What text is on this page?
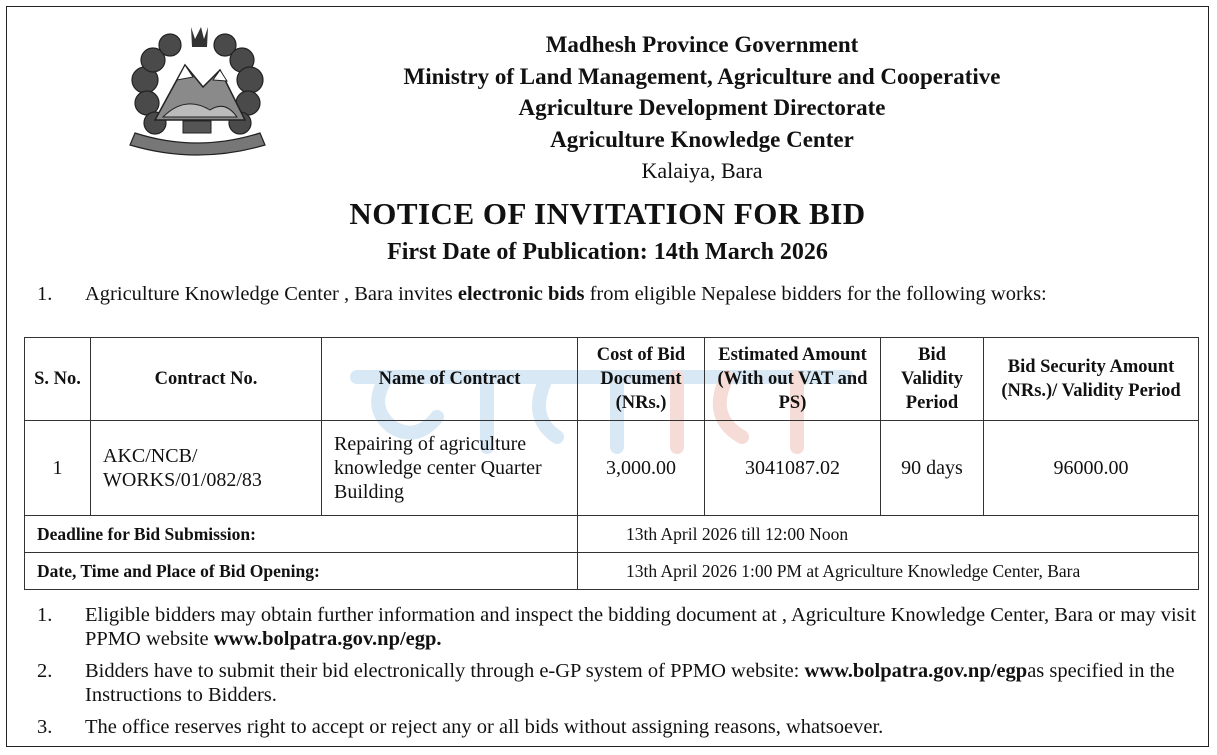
Madhesh Province Government
Ministry of Land Management, Agriculture and Cooperative
Agriculture Development Directorate
Agriculture Knowledge Center
Kalaiya, Bara
NOTICE OF INVITATION FOR BID
First Date of Publication: 14th March 2026
1. Agriculture Knowledge Center , Bara invites electronic bids from eligible Nepalese bidders for the following works:
S. No.	Contract No.	Name of Contract	Cost of Bid Document (NRs.)	Estimated Amount (With out VAT and PS)	Bid Validity Period	Bid Security Amount (NRs.)/ Validity Period
1	AKC/NCB/ WORKS/01/082/83	Repairing of agriculture knowledge center Quarter Building	3,000.00	3041087.02	90 days	96000.00
Deadline for Bid Submission:			13th April 2026 till 12:00 Noon			
Date, Time and Place of Bid Opening:			13th April 2026 1:00 PM at Agriculture Knowledge Center, Bara			
1. Eligible bidders may obtain further information and inspect the bidding document at , Agriculture Knowledge Center, Bara or may visit PPMO website www.bolpatra.gov.np/egp.
2. Bidders have to submit their bid electronically through e-GP system of PPMO website: www.bolpatra.gov.np/egpas specified in the Instructions to Bidders.
3. The office reserves right to accept or reject any or all bids without assigning reasons, whatsoever.
